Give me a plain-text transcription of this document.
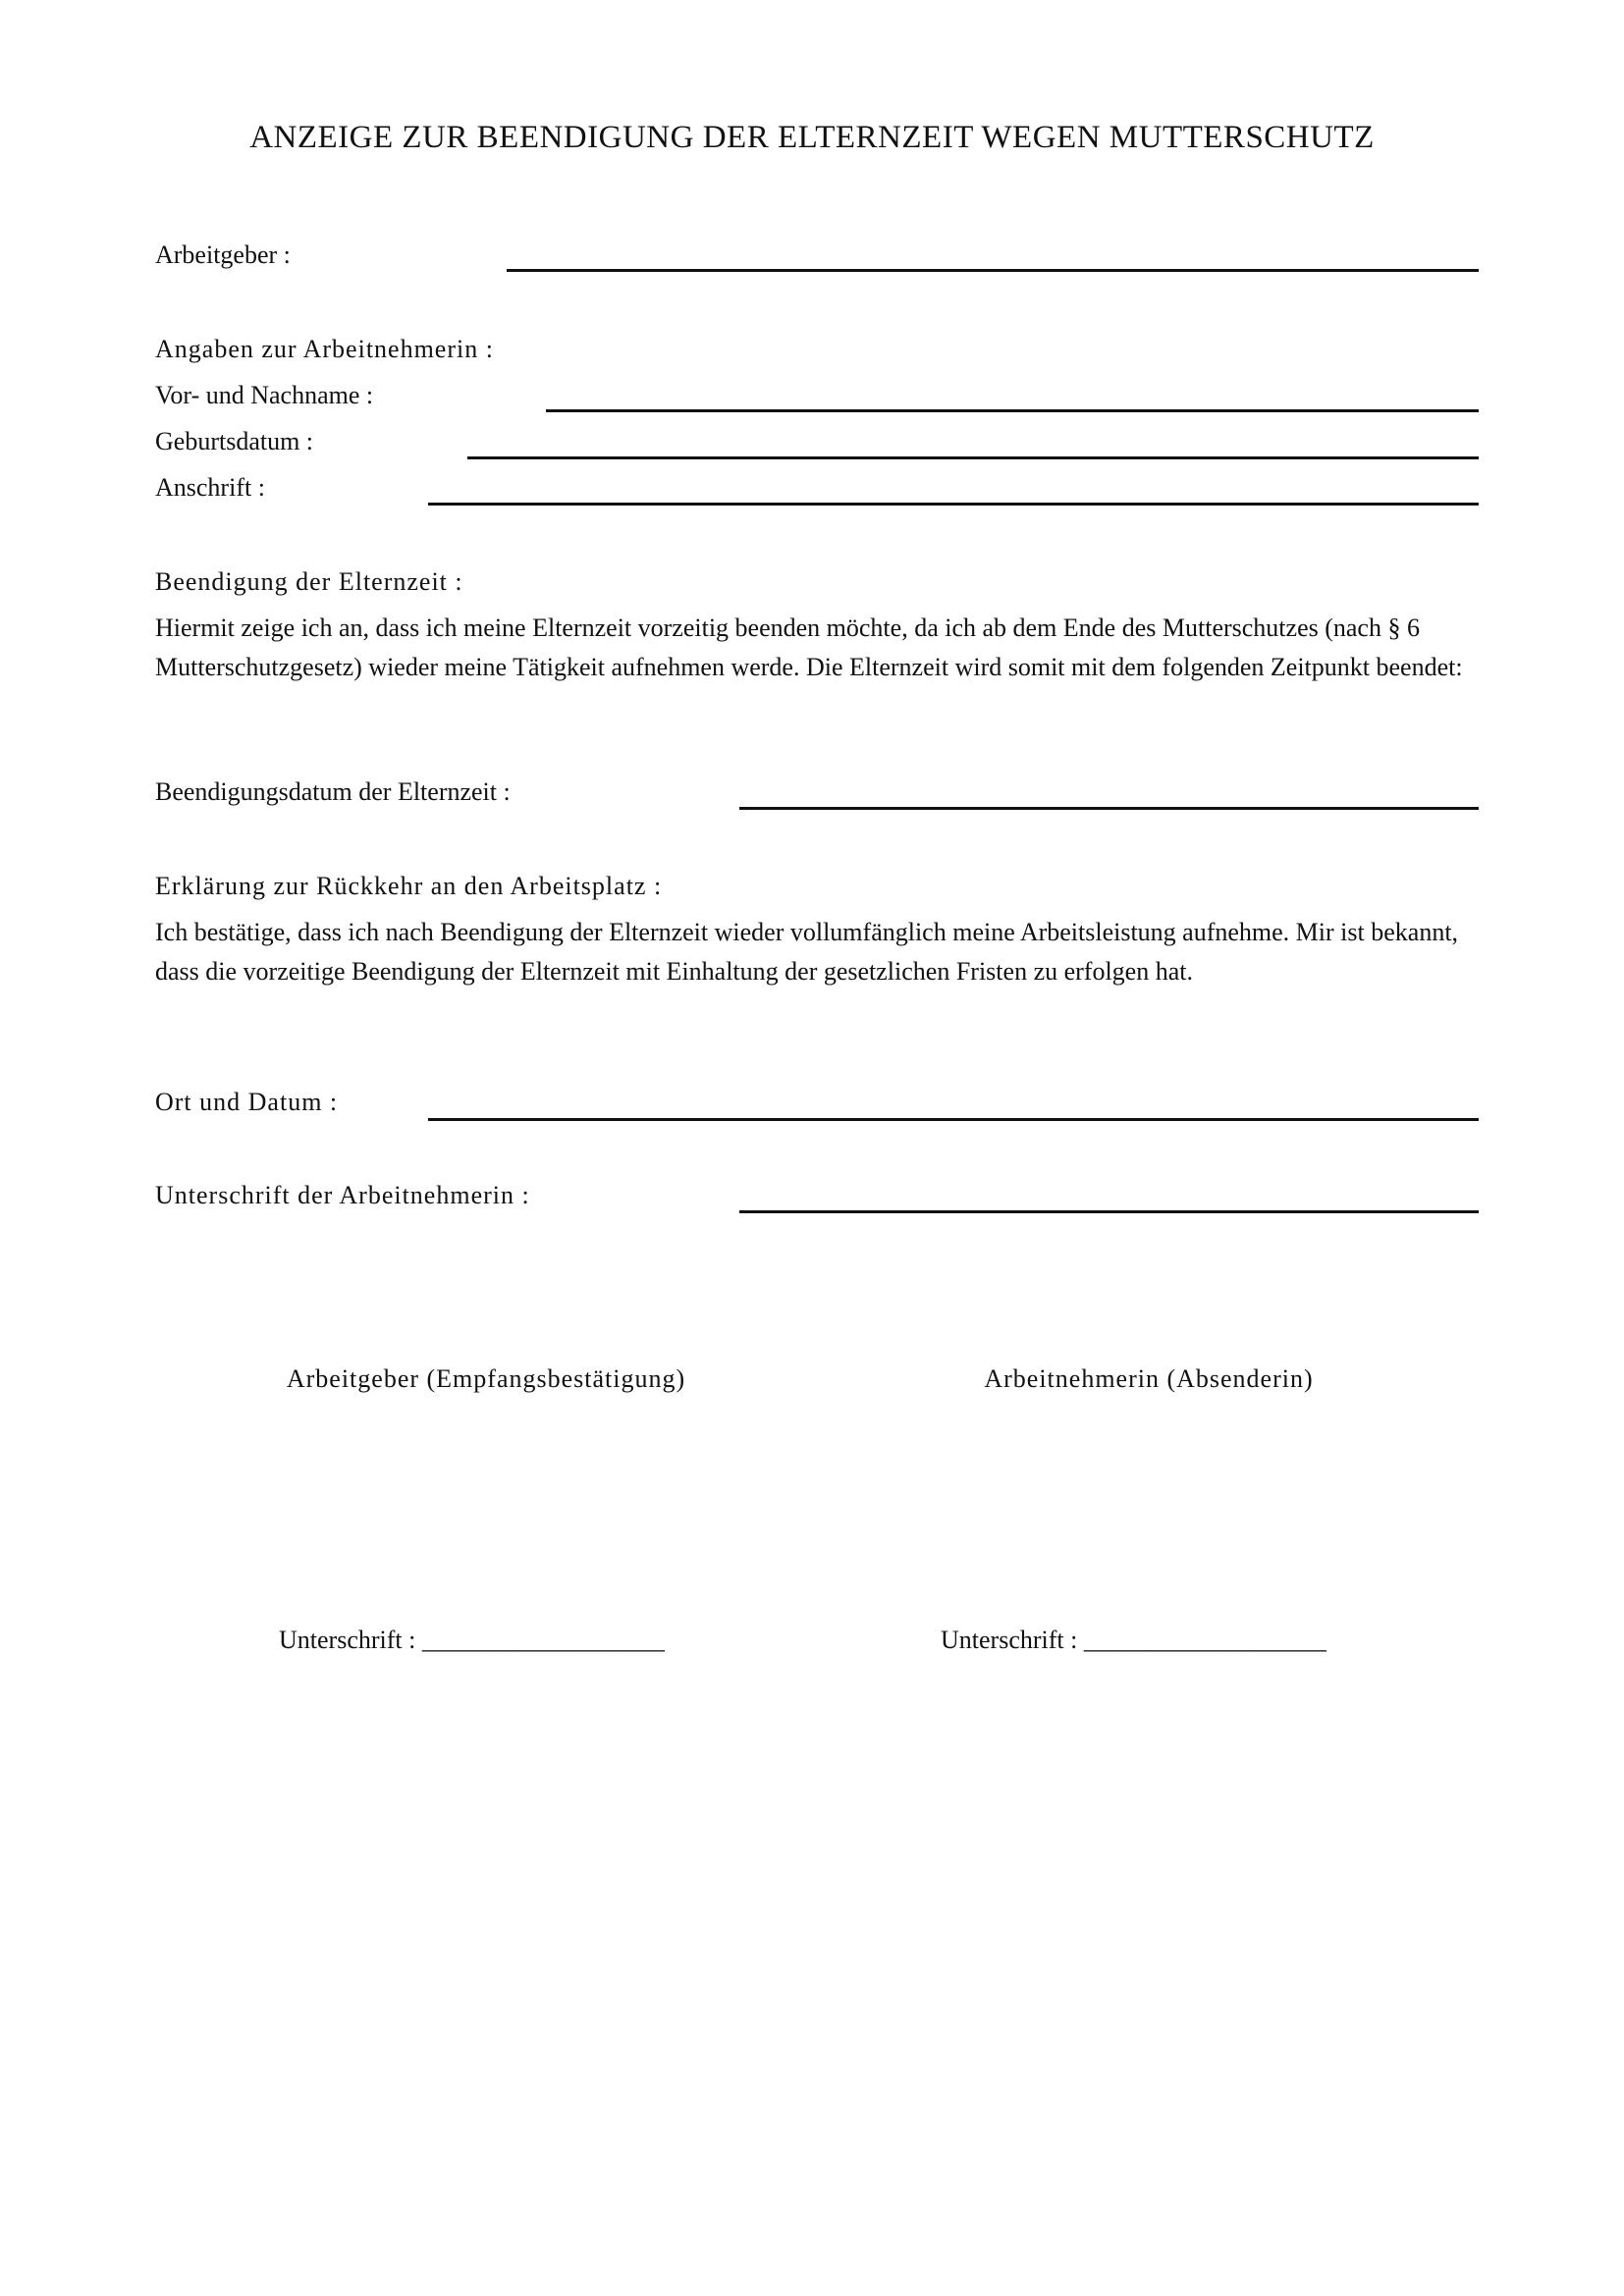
ANZEIGE ZUR BEENDIGUNG DER ELTERNZEIT WEGEN MUTTERSCHUTZ
Arbeitgeber :
Angaben zur Arbeitnehmerin :
Vor- und Nachname :
Geburtsdatum :
Anschrift :
Beendigung der Elternzeit :

Hiermit zeige ich an, dass ich meine Elternzeit vorzeitig beenden möchte, da ich ab dem Ende des Mutterschutzes (nach § 6 Mutterschutzgesetz) wieder meine Tätigkeit aufnehmen werde. Die Elternzeit wird somit mit dem folgenden Zeitpunkt beendet:

Beendigungsdatum der Elternzeit :
Erklärung zur Rückkehr an den Arbeitsplatz :

Ich bestätige, dass ich nach Beendigung der Elternzeit wieder vollumfänglich meine Arbeitsleistung aufnehme. Mir ist bekannt, dass die vorzeitige Beendigung der Elternzeit mit Einhaltung der gesetzlichen Fristen zu erfolgen hat.

Ort und Datum :
Unterschrift der Arbeitnehmerin :
Arbeitgeber (Empfangsbestätigung)	Arbeitnehmerin (Absenderin)
Unterschrift : ___________________	Unterschrift : ___________________
